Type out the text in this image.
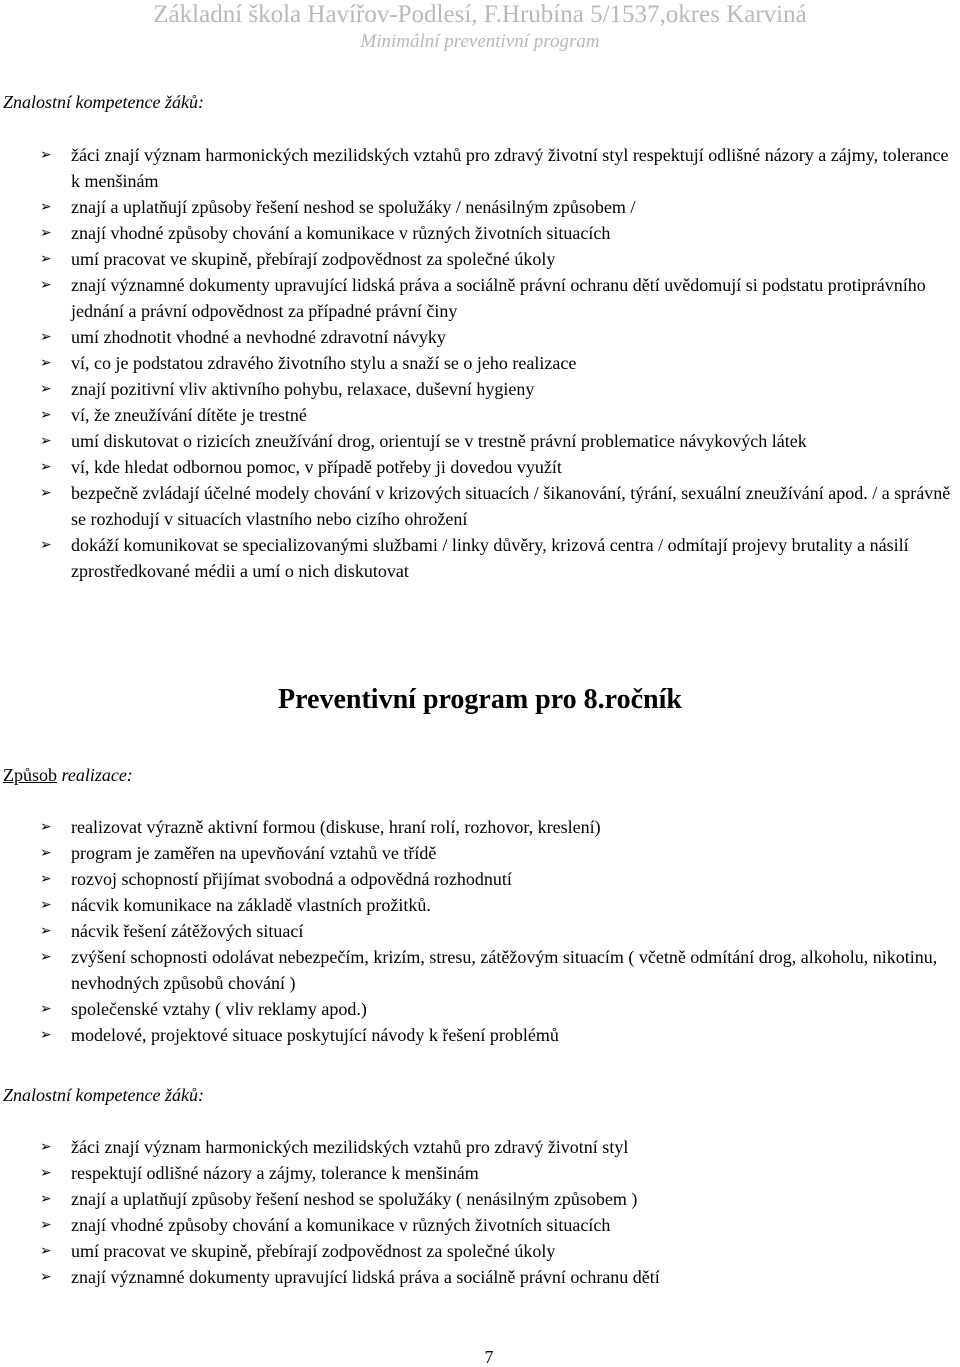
Základní škola Havířov-Podlesí, F.Hrubína 5/1537,okres Karviná
Minimální preventivní program
Znalostní kompetence žáků:
➢ žáci znají význam harmonických mezilidských vztahů pro zdravý životní styl respektují odlišné názory a zájmy, tolerance k menšinám
➢ znají a uplatňují způsoby řešení neshod se spolužáky / nenásilným způsobem /
➢ znají vhodné způsoby chování a komunikace v různých životních situacích
➢ umí pracovat ve skupině, přebírají zodpovědnost za společné úkoly
➢ znají významné dokumenty upravující lidská práva a sociálně právní ochranu dětí uvědomují si podstatu protiprávního jednání a právní odpovědnost za případné právní činy
➢ umí zhodnotit vhodné a nevhodné zdravotní návyky
➢ ví, co je podstatou zdravého životního stylu a snaží se o jeho realizace
➢ znají pozitivní vliv aktivního pohybu, relaxace, duševní hygieny
➢ ví, že zneužívání dítěte je trestné
➢ umí diskutovat o rizicích zneužívání drog, orientují se v trestně právní problematice návykových látek
➢ ví, kde hledat odbornou pomoc, v případě potřeby ji dovedou využít
➢ bezpečně zvládají účelné modely chování v krizových situacích / šikanování, týrání, sexuální zneužívání apod. / a správně se rozhodují v situacích vlastního nebo cizího ohrožení
➢ dokáží komunikovat se specializovanými službami / linky důvěry, krizová centra / odmítají projevy brutality a násilí zprostředkované médii a umí o nich diskutovat
Preventivní program pro 8.ročník
Způsob realizace:
➢ realizovat výrazně aktivní formou (diskuse, hraní rolí, rozhovor, kreslení)
➢ program je zaměřen na upevňování vztahů ve třídě
➢ rozvoj schopností přijímat svobodná a odpovědná rozhodnutí
➢ nácvik komunikace na základě vlastních prožitků.
➢ nácvik řešení zátěžových situací
➢ zvýšení schopnosti odolávat nebezpečím, krizím, stresu, zátěžovým situacím ( včetně odmítání drog, alkoholu, nikotinu, nevhodných způsobů chování )
➢ společenské vztahy ( vliv reklamy apod.)
➢ modelové, projektové situace poskytující návody k řešení problémů
Znalostní kompetence žáků:
➢ žáci znají význam harmonických mezilidských vztahů pro zdravý životní styl
➢ respektují odlišné názory a zájmy, tolerance k menšinám
➢ znají a uplatňují způsoby řešení neshod se spolužáky ( nenásilným způsobem )
➢ znají vhodné způsoby chování a komunikace v různých životních situacích
➢ umí pracovat ve skupině, přebírají zodpovědnost za společné úkoly
➢ znají významné dokumenty upravující lidská práva a sociálně právní ochranu dětí
7
